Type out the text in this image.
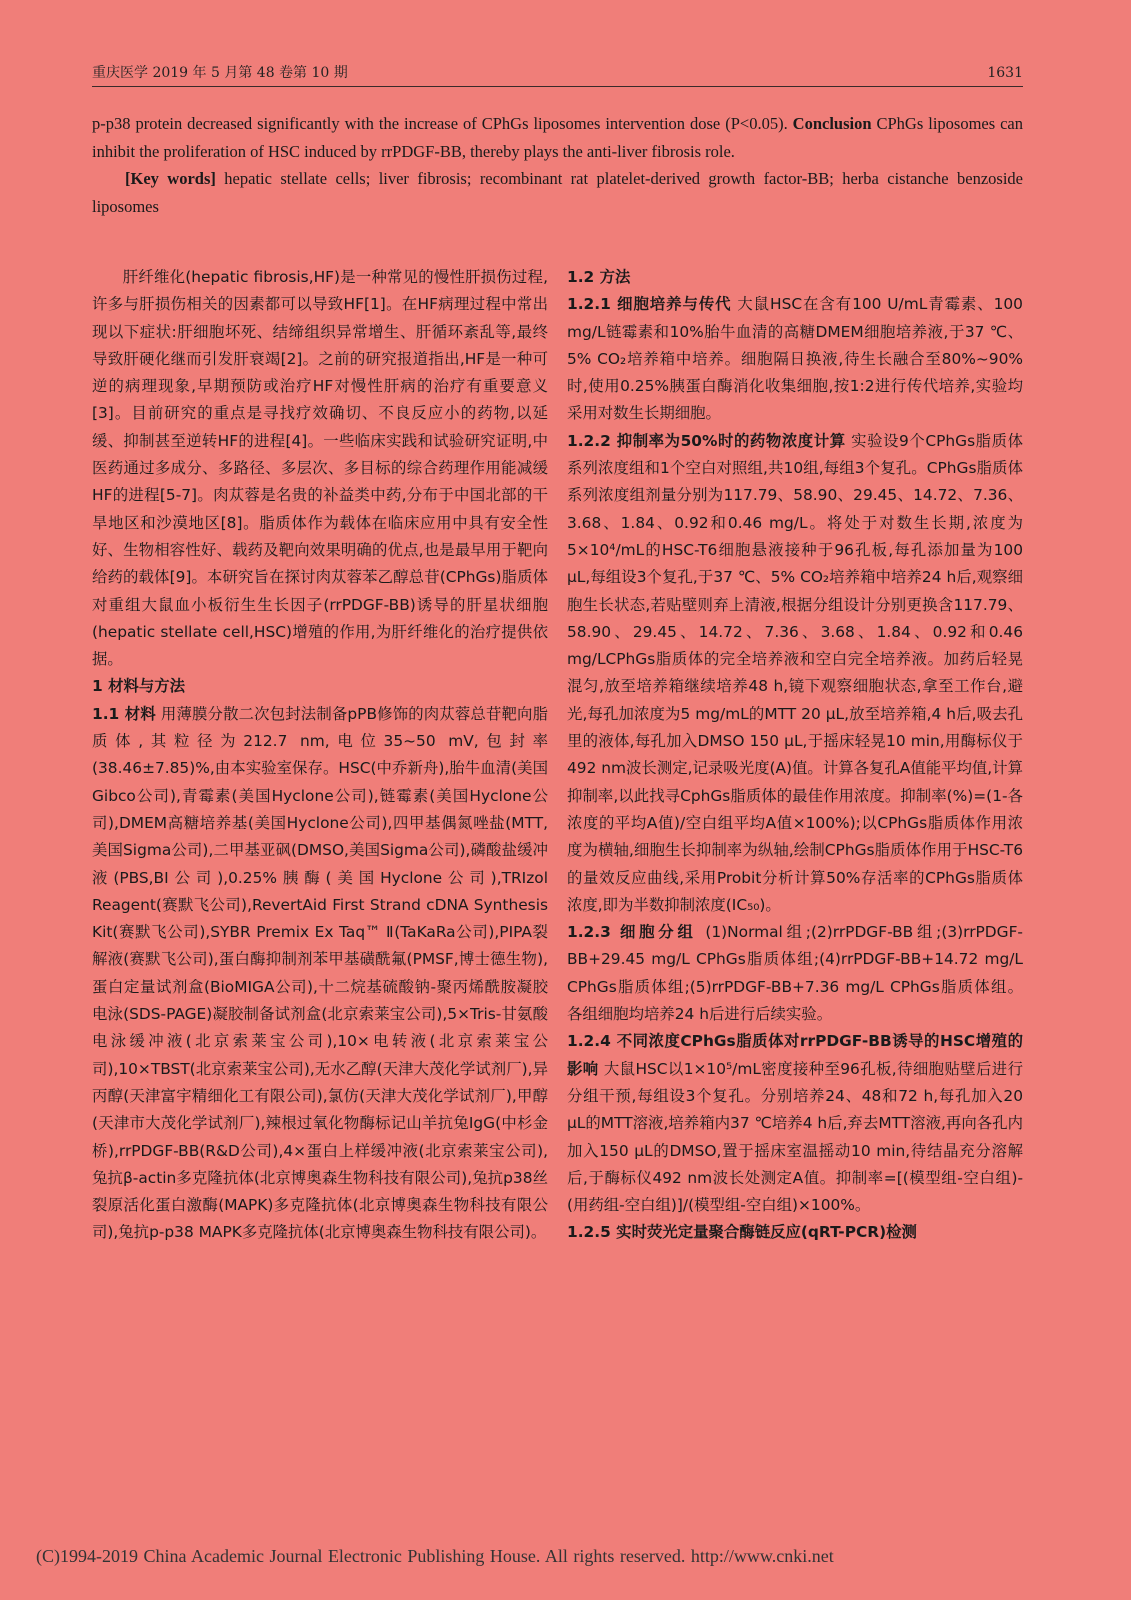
重庆医学 2019 年 5 月第 48 卷第 10 期	1631

p-p38 protein decreased significantly with the increase of CPhGs liposomes intervention dose (P<0.05). Conclusion CPhGs liposomes can inhibit the proliferation of HSC induced by rrPDGF-BB, thereby plays the anti-liver fibrosis role.

[Key words] hepatic stellate cells; liver fibrosis; recombinant rat platelet-derived growth factor-BB; herba cistanche benzoside liposomes

肝纤维化(hepatic fibrosis,HF)是一种常见的慢性肝损伤过程,许多与肝损伤相关的因素都可以导致HF[1]。在HF病理过程中常出现以下症状:肝细胞坏死、结缔组织异常增生、肝循环紊乱等,最终导致肝硬化继而引发肝衰竭[2]。之前的研究报道指出,HF是一种可逆的病理现象,早期预防或治疗HF对慢性肝病的治疗有重要意义[3]。目前研究的重点是寻找疗效确切、不良反应小的药物,以延缓、抑制甚至逆转HF的进程[4]。一些临床实践和试验研究证明,中医药通过多成分、多路径、多层次、多目标的综合药理作用能减缓HF的进程[5-7]。肉苁蓉是名贵的补益类中药,分布于中国北部的干旱地区和沙漠地区[8]。脂质体作为载体在临床应用中具有安全性好、生物相容性好、载药及靶向效果明确的优点,也是最早用于靶向给药的载体[9]。本研究旨在探讨肉苁蓉苯乙醇总苷(CPhGs)脂质体对重组大鼠血小板衍生生长因子(rrPDGF-BB)诱导的肝星状细胞(hepatic stellate cell,HSC)增殖的作用,为肝纤维化的治疗提供依据。

1 材料与方法

1.1 材料 用薄膜分散二次包封法制备pPB修饰的肉苁蓉总苷靶向脂质体,其粒径为212.7 nm,电位35~50 mV,包封率(38.46±7.85)%,由本实验室保存。HSC(中乔新舟),胎牛血清(美国Gibco公司),青霉素(美国Hyclone公司),链霉素(美国Hyclone公司),DMEM高糖培养基(美国Hyclone公司),四甲基偶氮唑盐(MTT,美国Sigma公司),二甲基亚砜(DMSO,美国Sigma公司),磷酸盐缓冲液(PBS,BI公司),0.25%胰酶(美国Hyclone公司),TRIzol Reagent(赛默飞公司),RevertAid First Strand cDNA Synthesis Kit(赛默飞公司),SYBR Premix Ex Taq™ Ⅱ(TaKaRa公司),PIPA裂解液(赛默飞公司),蛋白酶抑制剂苯甲基磺酰氟(PMSF,博士德生物),蛋白定量试剂盒(BioMIGA公司),十二烷基硫酸钠-聚丙烯酰胺凝胶电泳(SDS-PAGE)凝胶制备试剂盒(北京索莱宝公司),5×Tris-甘氨酸电泳缓冲液(北京索莱宝公司),10×电转液(北京索莱宝公司),10×TBST(北京索莱宝公司),无水乙醇(天津大茂化学试剂厂),异丙醇(天津富宇精细化工有限公司),氯仿(天津大茂化学试剂厂),甲醇(天津市大茂化学试剂厂),辣根过氧化物酶标记山羊抗兔IgG(中杉金桥),rrPDGF-BB(R&D公司),4×蛋白上样缓冲液(北京索莱宝公司),兔抗β-actin多克隆抗体(北京博奥森生物科技有限公司),兔抗p38丝裂原活化蛋白激酶(MAPK)多克隆抗体(北京博奥森生物科技有限公司),兔抗p-p38 MAPK多克隆抗体(北京博奥森生物科技有限公司)。

1.2 方法

1.2.1 细胞培养与传代 大鼠HSC在含有100 U/mL青霉素、100 mg/L链霉素和10%胎牛血清的高糖DMEM细胞培养液,于37 ℃、5% CO₂培养箱中培养。细胞隔日换液,待生长融合至80%~90%时,使用0.25%胰蛋白酶消化收集细胞,按1:2进行传代培养,实验均采用对数生长期细胞。

1.2.2 抑制率为50%时的药物浓度计算 实验设9个CPhGs脂质体系列浓度组和1个空白对照组,共10组,每组3个复孔。CPhGs脂质体系列浓度组剂量分别为117.79、58.90、29.45、14.72、7.36、3.68、1.84、0.92和0.46 mg/L。将处于对数生长期,浓度为5×10⁴/mL的HSC-T6细胞悬液接种于96孔板,每孔添加量为100 μL,每组设3个复孔,于37 ℃、5% CO₂培养箱中培养24 h后,观察细胞生长状态,若贴壁则弃上清液,根据分组设计分别更换含117.79、58.90、29.45、14.72、7.36、3.68、1.84、0.92和0.46 mg/LCPhGs脂质体的完全培养液和空白完全培养液。加药后轻晃混匀,放至培养箱继续培养48 h,镜下观察细胞状态,拿至工作台,避光,每孔加浓度为5 mg/mL的MTT 20 μL,放至培养箱,4 h后,吸去孔里的液体,每孔加入DMSO 150 μL,于摇床轻晃10 min,用酶标仪于492 nm波长测定,记录吸光度(A)值。计算各复孔A值能平均值,计算抑制率,以此找寻CphGs脂质体的最佳作用浓度。抑制率(%)=(1-各浓度的平均A值)/空白组平均A值×100%);以CPhGs脂质体作用浓度为横轴,细胞生长抑制率为纵轴,绘制CPhGs脂质体作用于HSC-T6的量效反应曲线,采用Probit分析计算50%存活率的CPhGs脂质体浓度,即为半数抑制浓度(IC₅₀)。

1.2.3 细胞分组 (1)Normal组;(2)rrPDGF-BB组;(3)rrPDGF-BB+29.45 mg/L CPhGs脂质体组;(4)rrPDGF-BB+14.72 mg/L CPhGs脂质体组;(5)rrPDGF-BB+7.36 mg/L CPhGs脂质体组。各组细胞均培养24 h后进行后续实验。

1.2.4 不同浓度CPhGs脂质体对rrPDGF-BB诱导的HSC增殖的影响 大鼠HSC以1×10⁵/mL密度接种至96孔板,待细胞贴壁后进行分组干预,每组设3个复孔。分别培养24、48和72 h,每孔加入20 μL的MTT溶液,培养箱内37 ℃培养4 h后,弃去MTT溶液,再向各孔内加入150 μL的DMSO,置于摇床室温摇动10 min,待结晶充分溶解后,于酶标仪492 nm波长处测定A值。抑制率=[(模型组-空白组)-(用药组-空白组)]/(模型组-空白组)×100%。

1.2.5 实时荧光定量聚合酶链反应(qRT-PCR)检测

(C)1994-2019 China Academic Journal Electronic Publishing House. All rights reserved. http://www.cnki.net
